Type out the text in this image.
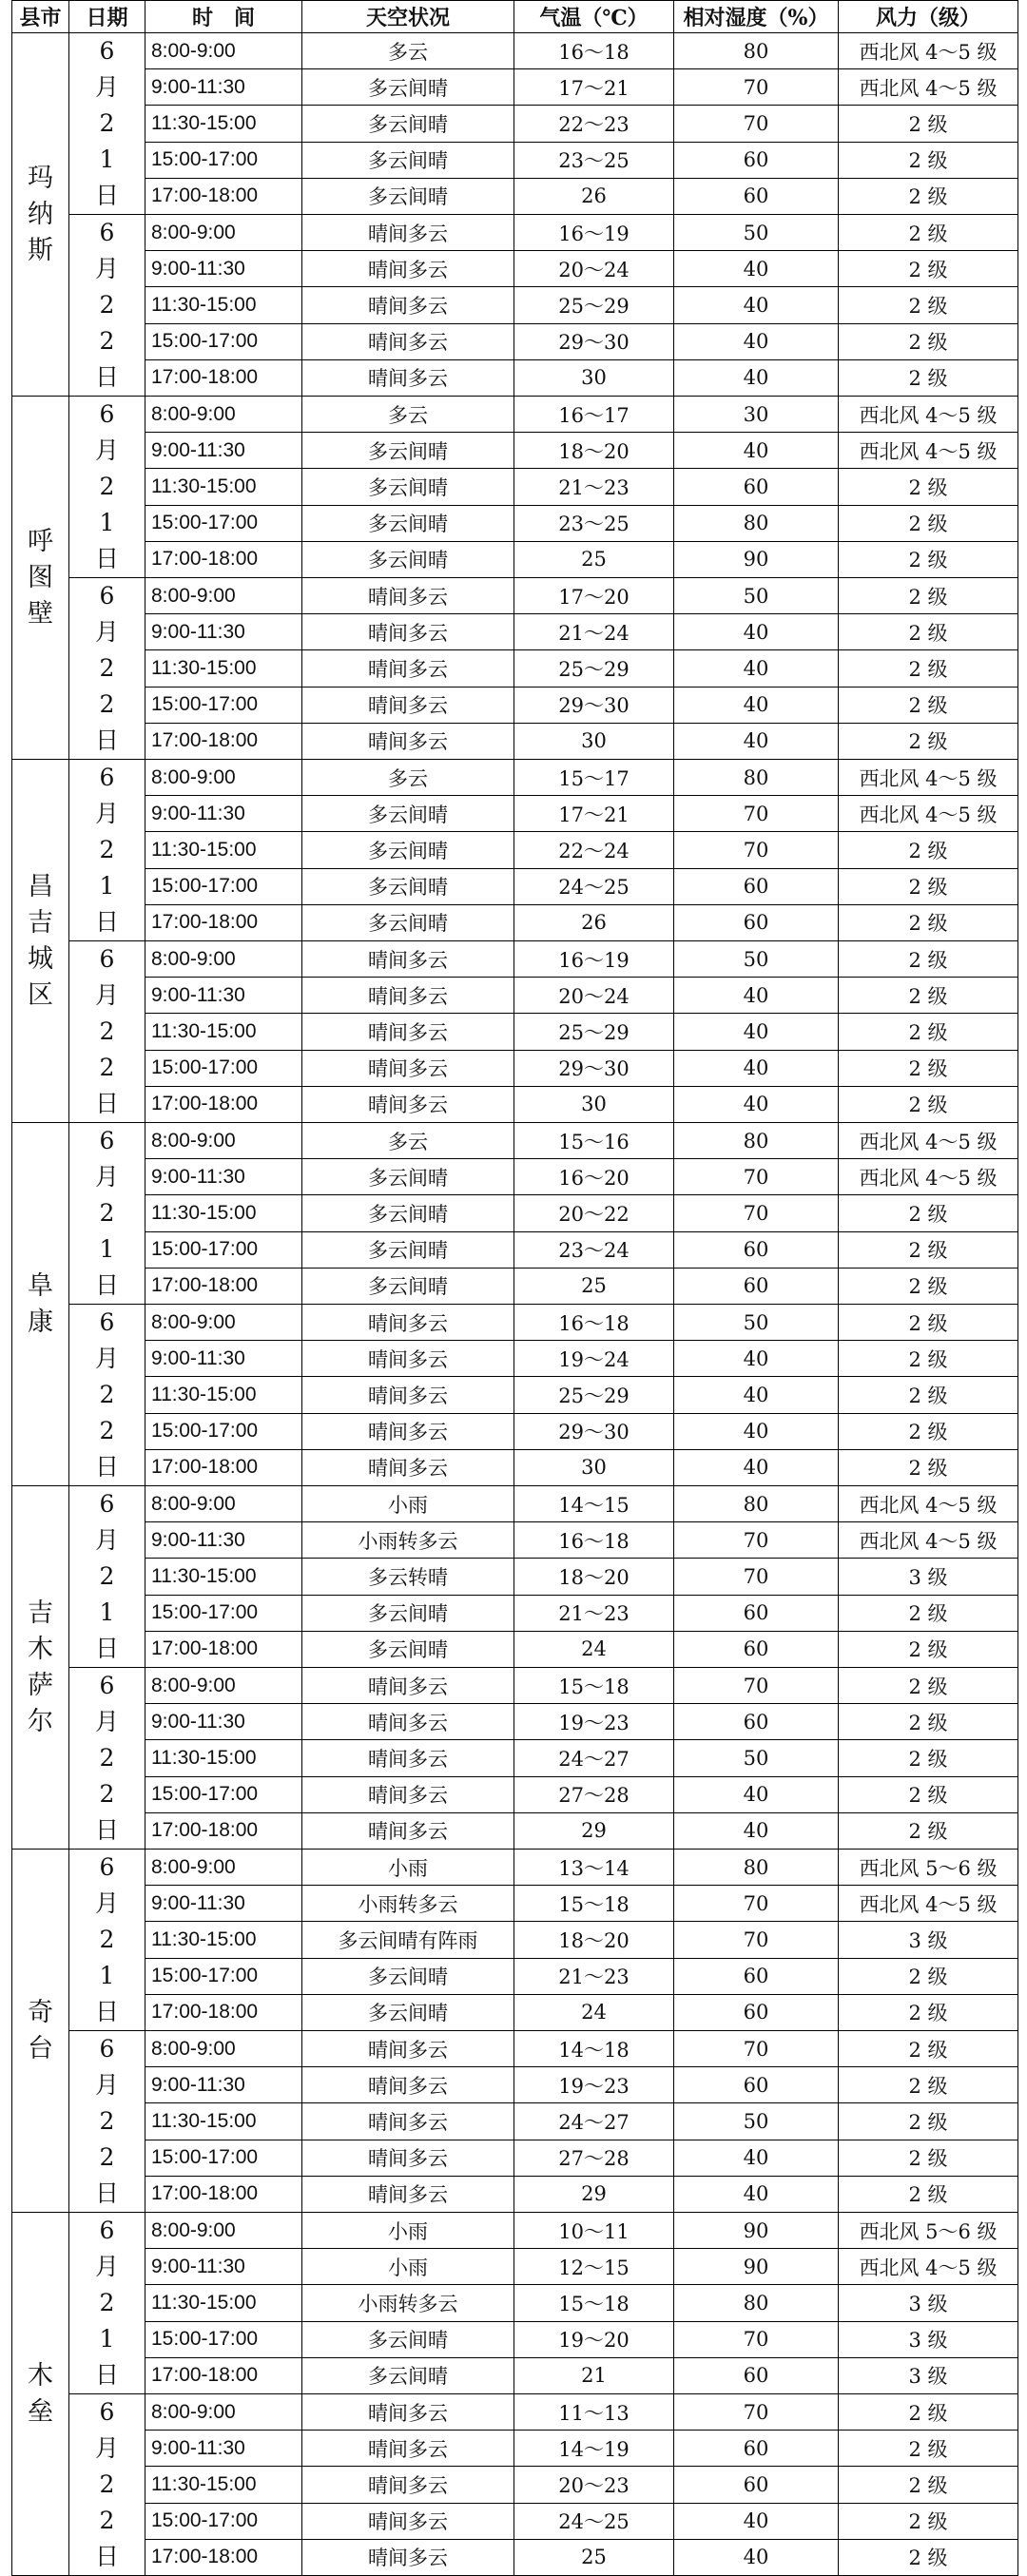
县市	日期	时　间	天空状况	气温（℃）	相对湿度（%）	风力（级）
玛纳斯	6月21日	8:00-9:00	多云	16～18	80	西北风 4～5 级
		9:00-11:30	多云间晴	17～21	70	西北风 4～5 级
		11:30-15:00	多云间晴	22～23	70	2 级
		15:00-17:00	多云间晴	23～25	60	2 级
		17:00-18:00	多云间晴	26	60	2 级
	6月22日	8:00-9:00	晴间多云	16～19	50	2 级
		9:00-11:30	晴间多云	20～24	40	2 级
		11:30-15:00	晴间多云	25～29	40	2 级
		15:00-17:00	晴间多云	29～30	40	2 级
		17:00-18:00	晴间多云	30	40	2 级
呼图壁	6月21日	8:00-9:00	多云	16～17	30	西北风 4～5 级
		9:00-11:30	多云间晴	18～20	40	西北风 4～5 级
		11:30-15:00	多云间晴	21～23	60	2 级
		15:00-17:00	多云间晴	23～25	80	2 级
		17:00-18:00	多云间晴	25	90	2 级
	6月22日	8:00-9:00	晴间多云	17～20	50	2 级
		9:00-11:30	晴间多云	21～24	40	2 级
		11:30-15:00	晴间多云	25～29	40	2 级
		15:00-17:00	晴间多云	29～30	40	2 级
		17:00-18:00	晴间多云	30	40	2 级
昌吉城区	6月21日	8:00-9:00	多云	15～17	80	西北风 4～5 级
		9:00-11:30	多云间晴	17～21	70	西北风 4～5 级
		11:30-15:00	多云间晴	22～24	70	2 级
		15:00-17:00	多云间晴	24～25	60	2 级
		17:00-18:00	多云间晴	26	60	2 级
	6月22日	8:00-9:00	晴间多云	16～19	50	2 级
		9:00-11:30	晴间多云	20～24	40	2 级
		11:30-15:00	晴间多云	25～29	40	2 级
		15:00-17:00	晴间多云	29～30	40	2 级
		17:00-18:00	晴间多云	30	40	2 级
阜康	6月21日	8:00-9:00	多云	15～16	80	西北风 4～5 级
		9:00-11:30	多云间晴	16～20	70	西北风 4～5 级
		11:30-15:00	多云间晴	20～22	70	2 级
		15:00-17:00	多云间晴	23～24	60	2 级
		17:00-18:00	多云间晴	25	60	2 级
	6月22日	8:00-9:00	晴间多云	16～18	50	2 级
		9:00-11:30	晴间多云	19～24	40	2 级
		11:30-15:00	晴间多云	25～29	40	2 级
		15:00-17:00	晴间多云	29～30	40	2 级
		17:00-18:00	晴间多云	30	40	2 级
吉木萨尔	6月21日	8:00-9:00	小雨	14～15	80	西北风 4～5 级
		9:00-11:30	小雨转多云	16～18	70	西北风 4～5 级
		11:30-15:00	多云转晴	18～20	70	3 级
		15:00-17:00	多云间晴	21～23	60	2 级
		17:00-18:00	多云间晴	24	60	2 级
	6月22日	8:00-9:00	晴间多云	15～18	70	2 级
		9:00-11:30	晴间多云	19～23	60	2 级
		11:30-15:00	晴间多云	24～27	50	2 级
		15:00-17:00	晴间多云	27～28	40	2 级
		17:00-18:00	晴间多云	29	40	2 级
奇台	6月21日	8:00-9:00	小雨	13～14	80	西北风 5～6 级
		9:00-11:30	小雨转多云	15～18	70	西北风 4～5 级
		11:30-15:00	多云间晴有阵雨	18～20	70	3 级
		15:00-17:00	多云间晴	21～23	60	2 级
		17:00-18:00	多云间晴	24	60	2 级
	6月22日	8:00-9:00	晴间多云	14～18	70	2 级
		9:00-11:30	晴间多云	19～23	60	2 级
		11:30-15:00	晴间多云	24～27	50	2 级
		15:00-17:00	晴间多云	27～28	40	2 级
		17:00-18:00	晴间多云	29	40	2 级
木垒	6月21日	8:00-9:00	小雨	10～11	90	西北风 5～6 级
		9:00-11:30	小雨	12～15	90	西北风 4～5 级
		11:30-15:00	小雨转多云	15～18	80	3 级
		15:00-17:00	多云间晴	19～20	70	3 级
		17:00-18:00	多云间晴	21	60	3 级
	6月22日	8:00-9:00	晴间多云	11～13	70	2 级
		9:00-11:30	晴间多云	14～19	60	2 级
		11:30-15:00	晴间多云	20～23	60	2 级
		15:00-17:00	晴间多云	24～25	40	2 级
		17:00-18:00	晴间多云	25	40	2 级
